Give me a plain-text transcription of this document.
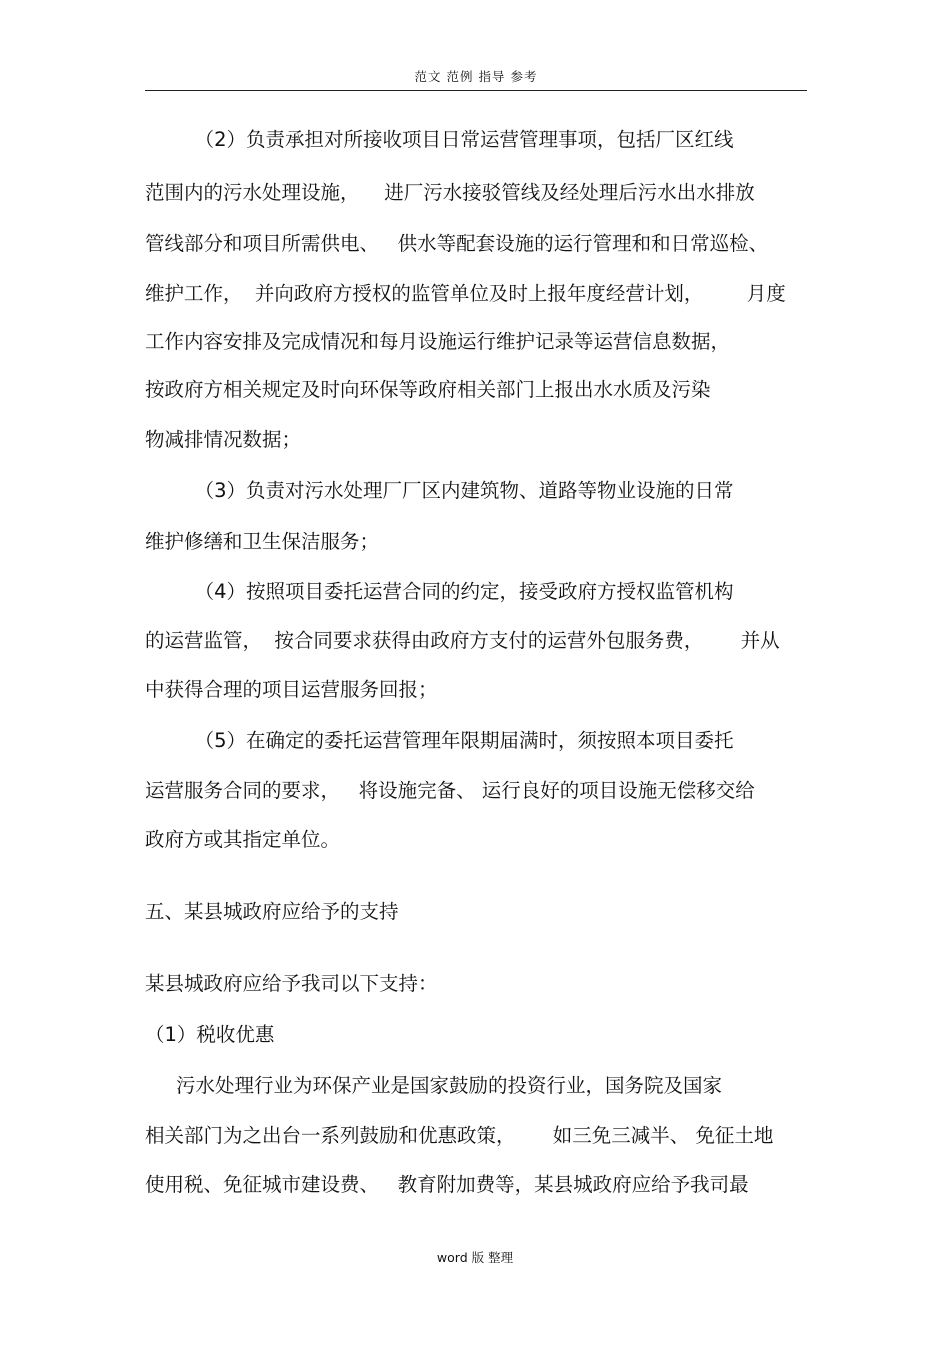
范文 范例 指导 参考
（2）负责承担对所接收项目日常运营管理事项，包括厂区红线
范围内的污水处理设施，    进厂污水接驳管线及经处理后污水出水排放
管线部分和项目所需供电、   供水等配套设施的运行管理和和日常巡检、
维护工作，  并向政府方授权的监管单位及时上报年度经营计划，       月度
工作内容安排及完成情况和每月设施运行维护记录等运营信息数据，
按政府方相关规定及时向环保等政府相关部门上报出水水质及污染
物减排情况数据；
（3）负责对污水处理厂厂区内建筑物、道路等物业设施的日常
维护修缮和卫生保洁服务；
（4）按照项目委托运营合同的约定，接受政府方授权监管机构
的运营监管，  按合同要求获得由政府方支付的运营外包服务费，      并从
中获得合理的项目运营服务回报；
（5）在确定的委托运营管理年限期届满时，须按照本项目委托
运营服务合同的要求，   将设施完备、 运行良好的项目设施无偿移交给
政府方或其指定单位。
五、某县城政府应给予的支持
某县城政府应给予我司以下支持：
（1）税收优惠
污水处理行业为环保产业是国家鼓励的投资行业，国务院及国家
相关部门为之出台一系列鼓励和优惠政策，      如三免三减半、 免征土地
使用税、免征城市建设费、   教育附加费等，某县城政府应给予我司最
word 版 整理
